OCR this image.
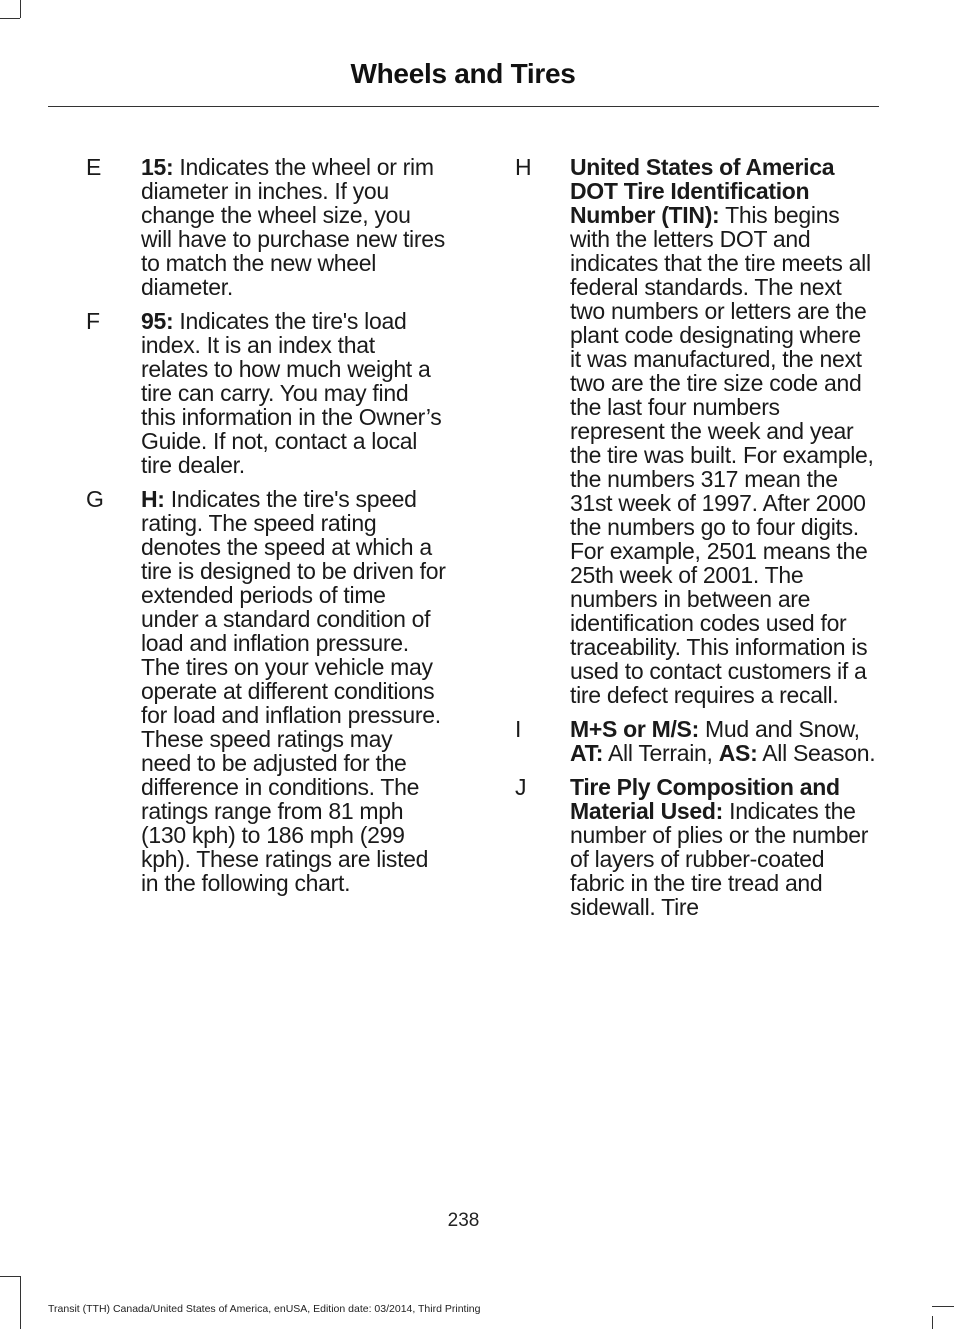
Wheels and Tires
E	15: Indicates the wheel or rim diameter in inches. If you change the wheel size, you will have to purchase new tires to match the new wheel diameter.
F	95: Indicates the tire's load index. It is an index that relates to how much weight a tire can carry. You may find this information in the Owner’s Guide. If not, contact a local tire dealer.
G	H: Indicates the tire's speed rating. The speed rating denotes the speed at which a tire is designed to be driven for extended periods of time under a standard condition of load and inflation pressure. The tires on your vehicle may operate at different conditions for load and inflation pressure. These speed ratings may need to be adjusted for the difference in conditions. The ratings range from 81 mph (130 kph) to 186 mph (299 kph). These ratings are listed in the following chart.
H	United States of America DOT Tire Identification Number (TIN): This begins with the letters DOT and indicates that the tire meets all federal standards. The next two numbers or letters are the plant code designating where it was manufactured, the next two are the tire size code and the last four numbers represent the week and year the tire was built. For example, the numbers 317 mean the 31st week of 1997. After 2000 the numbers go to four digits. For example, 2501 means the 25th week of 2001. The numbers in between are identification codes used for traceability. This information is used to contact customers if a tire defect requires a recall.
I	M+S or M/S: Mud and Snow, AT: All Terrain, AS: All Season.
J	Tire Ply Composition and Material Used: Indicates the number of plies or the number of layers of rubber-coated fabric in the tire tread and sidewall. Tire
238
Transit (TTH) Canada/United States of America, enUSA, Edition date: 03/2014, Third Printing
